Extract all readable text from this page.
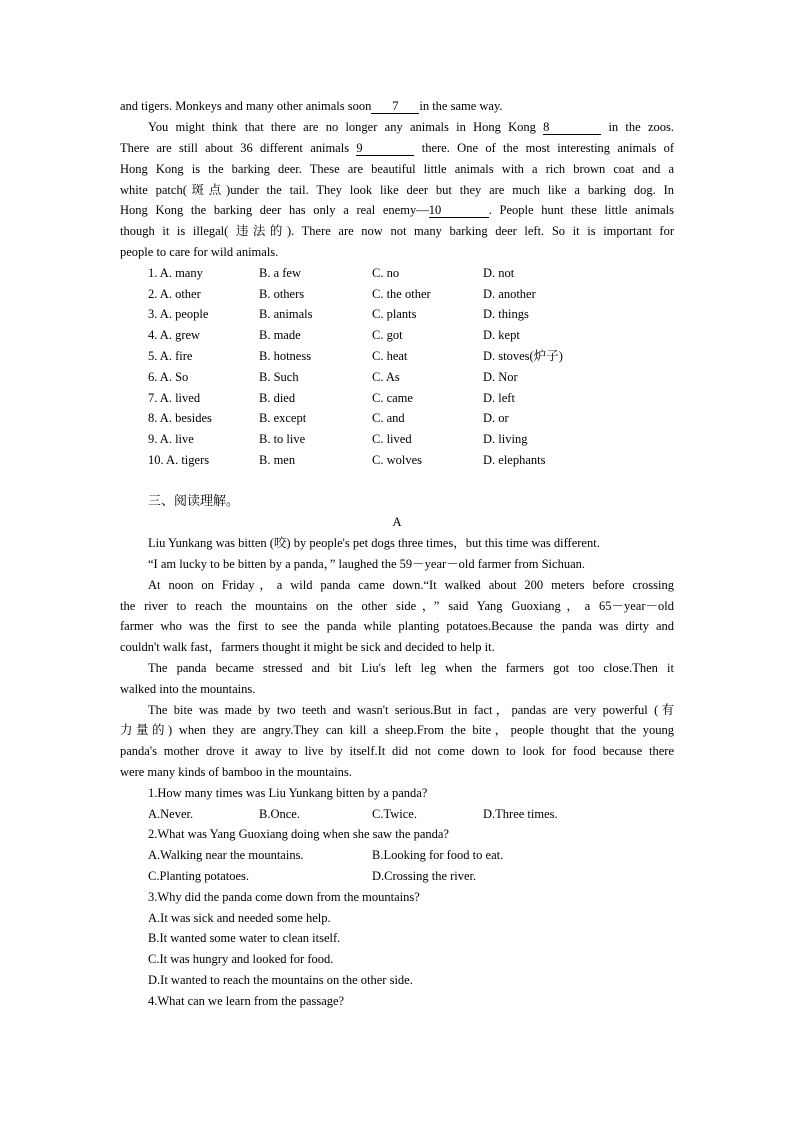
and tigers. Monkeys and many other animals soon 7 in the same way.
You might think that there are no longer any animals in Hong Kong 8	in the zoos.
There are still about 36 different animals 9	there. One of the most interesting animals of
Hong Kong is the barking deer. These are beautiful little animals with a rich brown coat and a
white patch(斑点)under the tail. They look like deer but they are much like a barking dog. In
Hong Kong the barking deer has only a real enemy—10	. People hunt these little animals
though it is illegal( 违法的). There are now not many barking deer left. So it is important for
people to care for wild animals.
1. A. many	B. a few	C. no	D. not
2. A. other	B. others	C. the other	D. another
3. A. people	B. animals	C. plants	D. things
4. A. grew	B. made	C. got	D. kept
5. A. fire	B. hotness	C. heat	D. stoves(炉子)
6. A. So	B. Such	C. As	D. Nor
7. A. lived	B. died	C. came	D. left
8. A. besides	B. except	C. and	D. or
9. A. live	B. to live	C. lived	D. living
10. A. tigers	B. men	C. wolves	D. elephants
三、阅读理解。
A
Liu Yunkang was bitten (咬) by people's pet dogs three times，but this time was different.
“I am lucky to be bitten by a panda，” laughed the 59－year－old farmer from Sichuan.
At noon on Friday，a wild panda came down.“It walked about 200 meters before crossing
the river to reach the mountains on the other side，” said Yang Guoxiang，a 65－year－old
farmer who was the first to see the panda while planting potatoes.Because the panda was dirty and
couldn't walk fast，farmers thought it might be sick and decided to help it.
The panda became stressed and bit Liu's left leg when the farmers got too close.Then it
walked into the mountains.
The bite was made by two teeth and wasn't serious.But in fact，pandas are very powerful (有
力量的) when they are angry.They can kill a sheep.From the bite，people thought that the young
panda's mother drove it away to live by itself.It did not come down to look for food because there
were many kinds of bamboo in the mountains.
1.How many times was Liu Yunkang bitten by a panda?
A.Never.	B.Once.	C.Twice.	D.Three times.
2.What was Yang Guoxiang doing when she saw the panda?
A.Walking near the mountains.	B.Looking for food to eat.
C.Planting potatoes.	D.Crossing the river.
3.Why did the panda come down from the mountains?
A.It was sick and needed some help.
B.It wanted some water to clean itself.
C.It was hungry and looked for food.
D.It wanted to reach the mountains on the other side.
4.What can we learn from the passage?
